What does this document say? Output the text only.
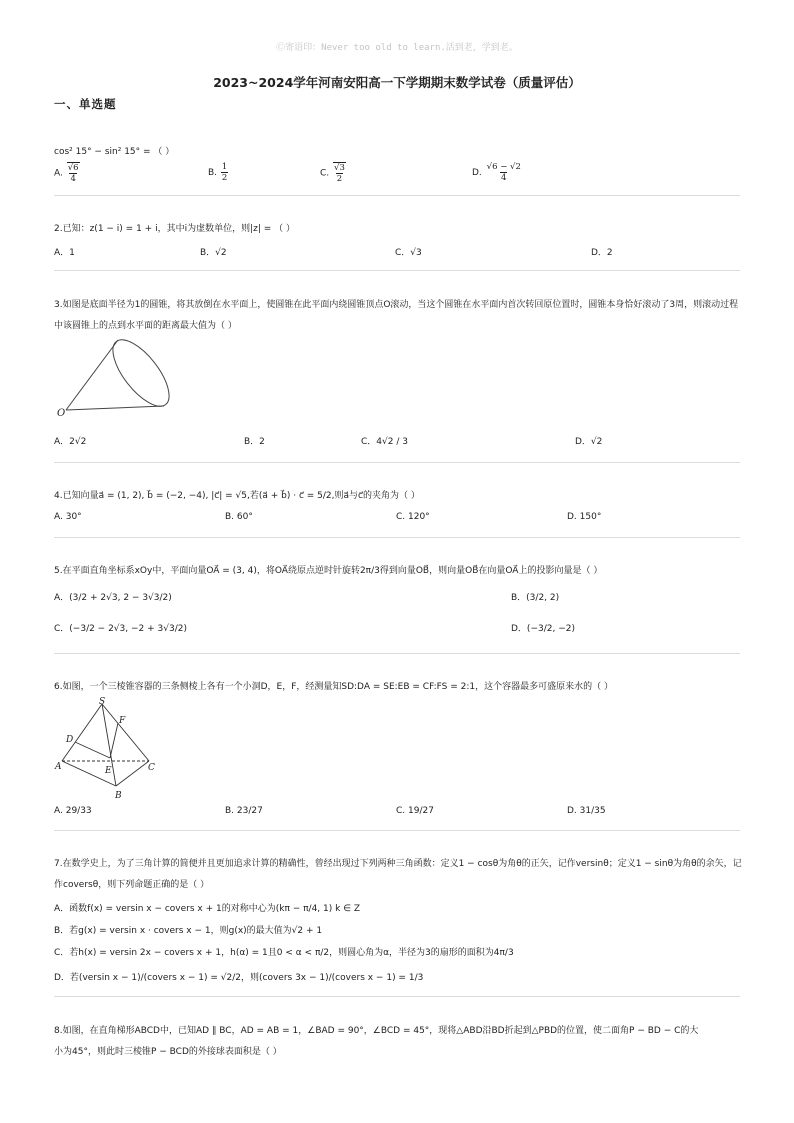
Ⓒ寄语印：Never too old to learn.活到老，学到老。
2023~2024学年河南安阳高一下学期期末数学试卷（质量评估）
一、单选题
cos² 15° − sin² 15° = （ ）
A. $\frac{√6}{4}$	B. $\frac{1}{2}$	C. $\frac{√3}{2}$	D. $\frac{√6 - √2}{4}$
2.已知：z(1 − i) = 1 + i，其中i为虚数单位，则|z| = （ ）
A．1	B．√2	C．√3	D．2
3.如图是底面半径为1的圆锥，将其放倒在水平面上，使圆锥在此平面内绕圆锥顶点O滚动，当这个圆锥在水平面内首次转回原位置时，圆锥本身恰好滚动了3周，则滚动过程
中该圆锥上的点到水平面的距离最大值为（ ）
O
A．2√2	B．2	C．4√2 / 3	D．√2
4.已知向量a⃗ = (1, 2), b⃗ = (−2, −4), |c⃗| = √5,若(a⃗ + b⃗) · c⃗ = 5/2,则a⃗与c⃗的夹角为（ ）
A. 30°	B. 60°	C. 120°	D. 150°
5.在平面直角坐标系xOy中，平面向量OA⃗ = (3, 4)，将OA⃗绕原点逆时针旋转2π/3得到向量OB⃗，则向量OB⃗在向量OA⃗上的投影向量是（ ）
A．(3/2 + 2√3, 2 − 3√3/2)	B．(3/2, 2)
C．(−3/2 − 2√3, −2 + 3√3/2)	D．(−3/2, −2)
6.如图，一个三棱锥容器的三条侧棱上各有一个小洞D，E，F，经测量知SD:DA = SE:EB = CF:FS = 2:1，这个容器最多可盛原来水的（ ）
S
F
D
A	E	C
B
A. 29/33	B. 23/27	C. 19/27	D. 31/35
7.在数学史上，为了三角计算的简便并且更加追求计算的精确性，曾经出现过下列两种三角函数：定义1 − cosθ为角θ的正矢，记作versinθ；定义1 − sinθ为角θ的余矢，记
作coversθ，则下列命题正确的是（ ）
A．函数f(x) = versin x − covers x + 1的对称中心为(kπ − π/4, 1) k ∈ Z
B．若g(x) = versin x · covers x − 1，则g(x)的最大值为√2 + 1
C．若h(x) = versin 2x − covers x + 1，h(α) = 1且0 < α < π/2，则圆心角为α，半径为3的扇形的面积为4π/3
D．若(versin x − 1)/(covers x − 1) = √2/2，则(covers 3x − 1)/(covers x − 1) = 1/3
8.如图，在直角梯形ABCD中，已知AD ∥ BC，AD = AB = 1，∠BAD = 90°，∠BCD = 45°，现将△ABD沿BD折起到△PBD的位置，使二面角P − BD − C的大
小为45°，则此时三棱锥P − BCD的外接球表面积是（ ）
